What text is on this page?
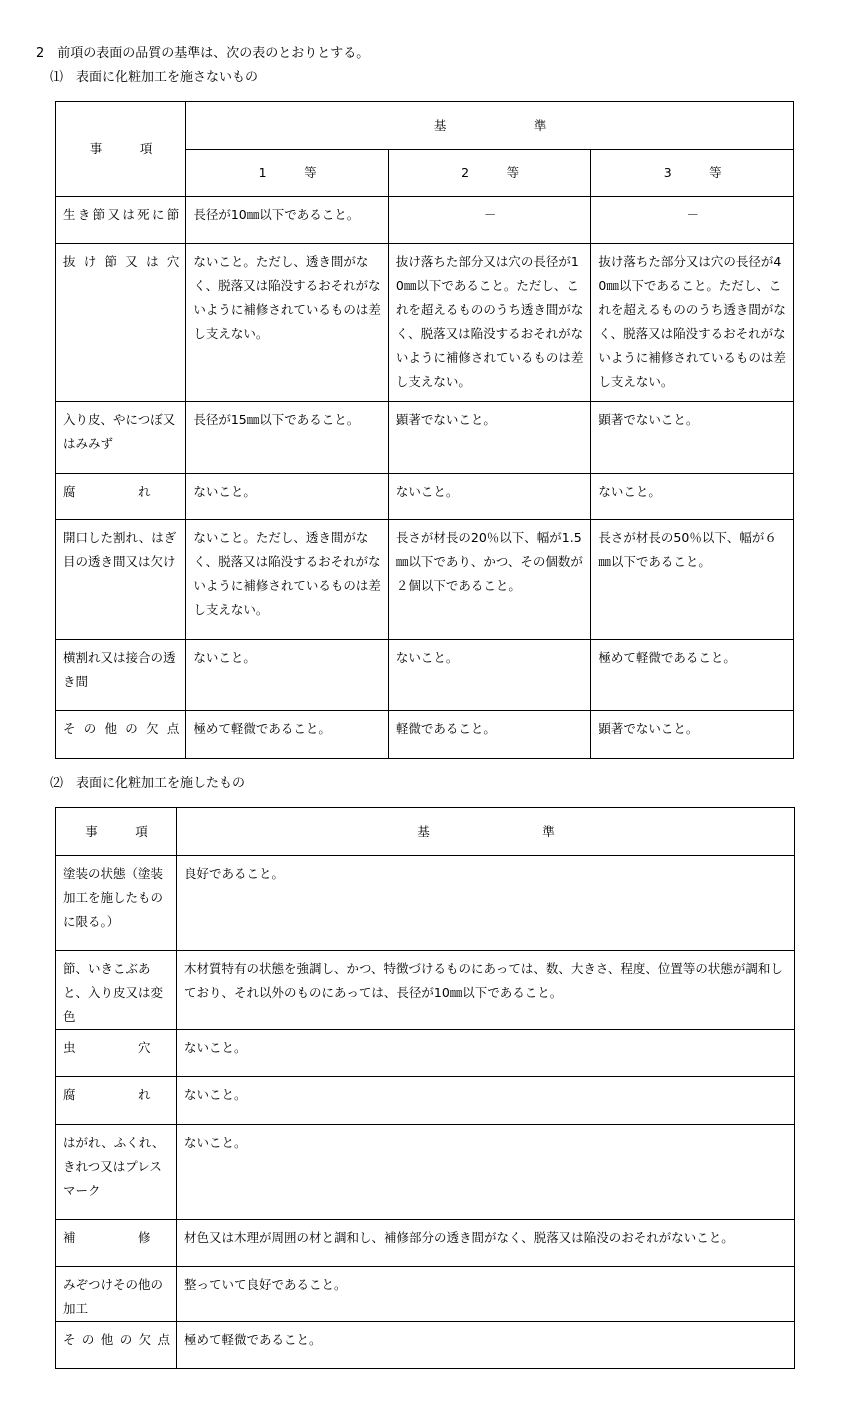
2　前項の表面の品質の基準は、次の表のとおりとする。
⑴　表面に化粧加工を施さないもの
事　　　項	基　　　　　　　準		
	1　　　等	2　　　等	3　　　等
生き節又は死に節	長径が10㎜以下であること。	－	－
抜け節又は穴	ないこと。ただし、透き間がなく、脱落又は陥没するおそれがないように補修されているものは差し支えない。	抜け落ちた部分又は穴の長径が10㎜以下であること。ただし、これを超えるもののうち透き間がなく、脱落又は陥没するおそれがないように補修されているものは差し支えない。	抜け落ちた部分又は穴の長径が40㎜以下であること。ただし、これを超えるもののうち透き間がなく、脱落又は陥没するおそれがないように補修されているものは差し支えない。
入り皮、やにつぼ又はみみず	長径が15㎜以下であること。	顕著でないこと。	顕著でないこと。
腐　　　　　れ	ないこと。	ないこと。	ないこと。
開口した割れ、はぎ目の透き間又は欠け	ないこと。ただし、透き間がなく、脱落又は陥没するおそれがないように補修されているものは差し支えない。	長さが材長の20％以下、幅が1.5㎜以下であり、かつ、その個数が２個以下であること。	長さが材長の50％以下、幅が６㎜以下であること。
横割れ又は接合の透き間	ないこと。	ないこと。	極めて軽微であること。
その他の欠点	極めて軽微であること。	軽微であること。	顕著でないこと。
⑵　表面に化粧加工を施したもの
事　　　項	基　　　　　　　　　準
塗装の状態（塗装加工を施したものに限る。）	良好であること。
節、いきこぶあと、入り皮又は変色	木材質特有の状態を強調し、かつ、特徴づけるものにあっては、数、大きさ、程度、位置等の状態が調和しており、それ以外のものにあっては、長径が10㎜以下であること。
虫　　　　　穴	ないこと。
腐　　　　　れ	ないこと。
はがれ、ふくれ、きれつ又はプレスマーク	ないこと。
補　　　　　修	材色又は木理が周囲の材と調和し、補修部分の透き間がなく、脱落又は陥没のおそれがないこと。
みぞつけその他の加工	整っていて良好であること。
その他の欠点	極めて軽微であること。
